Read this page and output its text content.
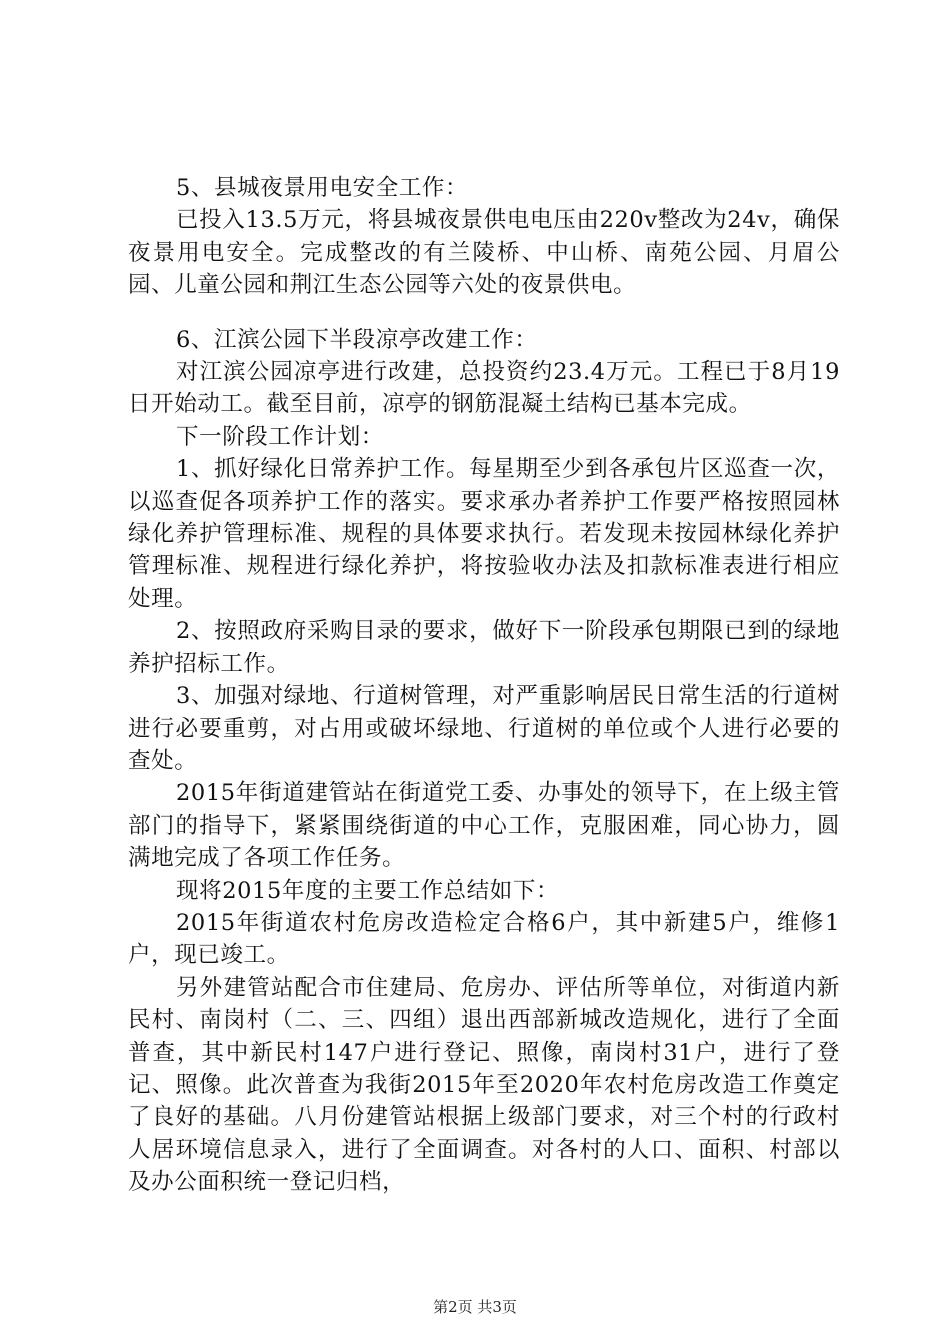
5、县城夜景用电安全工作：

已投入13.5万元，将县城夜景供电电压由220v整改为24v，确保夜景用电安全。完成整改的有兰陵桥、中山桥、南苑公园、月眉公园、儿童公园和荆江生态公园等六处的夜景供电。

6、江滨公园下半段凉亭改建工作：

对江滨公园凉亭进行改建，总投资约23.4万元。工程已于8月19日开始动工。截至目前，凉亭的钢筋混凝土结构已基本完成。

下一阶段工作计划：

1、抓好绿化日常养护工作。每星期至少到各承包片区巡查一次，以巡查促各项养护工作的落实。要求承办者养护工作要严格按照园林绿化养护管理标准、规程的具体要求执行。若发现未按园林绿化养护管理标准、规程进行绿化养护，将按验收办法及扣款标准表进行相应处理。

2、按照政府采购目录的要求，做好下一阶段承包期限已到的绿地养护招标工作。

3、加强对绿地、行道树管理，对严重影响居民日常生活的行道树进行必要重剪，对占用或破坏绿地、行道树的单位或个人进行必要的查处。

2015年街道建管站在街道党工委、办事处的领导下，在上级主管部门的指导下，紧紧围绕街道的中心工作，克服困难，同心协力，圆满地完成了各项工作任务。

现将2015年度的主要工作总结如下：

2015年街道农村危房改造检定合格6户，其中新建5户，维修1户，现已竣工。

另外建管站配合市住建局、危房办、评估所等单位，对街道内新民村、南岗村（二、三、四组）退出西部新城改造规化，进行了全面普查，其中新民村147户进行登记、照像，南岗村31户，进行了登记、照像。此次普查为我街2015年至2020年农村危房改造工作奠定了良好的基础。八月份建管站根据上级部门要求，对三个村的行政村人居环境信息录入，进行了全面调查。对各村的人口、面积、村部以及办公面积统一登记归档，

第2页 共3页
